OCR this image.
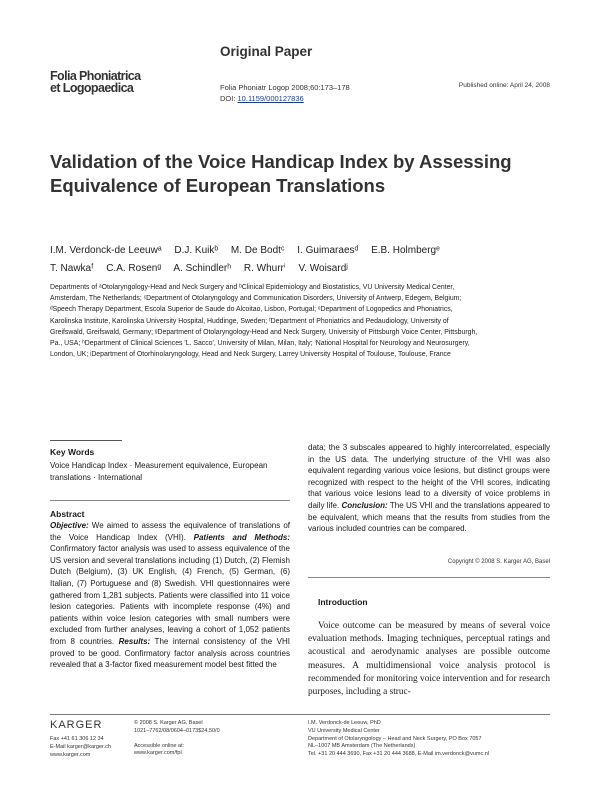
Original Paper
Folia Phoniatrica
et Logopaedica	Folia Phoniatr Logop 2008;60:173–178
DOI: 10.1159/000127836
Published online: April 24, 2008
Validation of the Voice Handicap Index by Assessing Equivalence of European Translations
I.M. Verdonck-de Leeuwᵃ D.J. Kuikᵇ M. De Bodtᶜ I. Guimaraesᵈ E.B. Holmbergᵉ
T. Nawkaᶠ C.A. Rosenᵍ A. Schindlerʰ R. Whurrⁱ V. Woisardʲ
Departments of ᵃOtolaryngology-Head and Neck Surgery and ᵇClinical Epidemiology and Biostatistics, VU University Medical Center, Amsterdam, The Netherlands; ᶜDepartment of Otolaryngology and Communication Disorders, University of Antwerp, Edegem, Belgium; ᵈSpeech Therapy Department, Escola Superior de Saude do Alcoitao, Lisbon, Portugal; ᵉDepartment of Logopedics and Phoniatrics, Karolinska Institute, Karolinska University Hospital, Huddinge, Sweden; ᶠDepartment of Phoniatrics and Pedaudiology, University of Greifswald, Greifswald, Germany; ᵍDepartment of Otolaryngology-Head and Neck Surgery, University of Pittsburgh Voice Center, Pittsburgh, Pa., USA; ʰDepartment of Clinical Sciences 'L. Sacco', University of Milan, Milan, Italy; ⁱNational Hospital for Neurology and Neurosurgery, London, UK; ʲDepartment of Otorhinolaryngology, Head and Neck Surgery, Larrey University Hospital of Toulouse, Toulouse, France
Key Words
Voice Handicap Index · Measurement equivalence, European translations · International
Abstract
Objective: We aimed to assess the equivalence of translations of the Voice Handicap Index (VHI). Patients and Methods: Confirmatory factor analysis was used to assess equivalence of the US version and several translations including (1) Dutch, (2) Flemish Dutch (Belgium), (3) UK English, (4) French, (5) German, (6) Italian, (7) Portuguese and (8) Swedish. VHI questionnaires were gathered from 1,281 subjects. Patients were classified into 11 voice lesion categories. Patients with incomplete response (4%) and patients within voice lesion categories with small numbers were excluded from further analyses, leaving a cohort of 1,052 patients from 8 countries. Results: The internal consistency of the VHI proved to be good. Confirmatory factor analysis across countries revealed that a 3-factor fixed measurement model best fitted the
data; the 3 subscales appeared to highly intercorrelated, especially in the US data. The underlying structure of the VHI was also equivalent regarding various voice lesions, but distinct groups were recognized with respect to the height of the VHI scores, indicating that various voice lesions lead to a diversity of voice problems in daily life. Conclusion: The US VHI and the translations appeared to be equivalent, which means that the results from studies from the various included countries can be compared.
Copyright © 2008 S. Karger AG, Basel
Introduction
Voice outcome can be measured by means of several voice evaluation methods. Imaging techniques, perceptual ratings and acoustical and aerodynamic analyses are possible outcome measures. A multidimensional voice analysis protocol is recommended for monitoring voice intervention and for research purposes, including a struc-
KARGER
Fax +41 61 306 12 34
E-Mail karger@karger.ch
www.karger.com
© 2008 S. Karger AG, Basel
1021–7762/08/0604–0173$24.50/0
Accessible online at:
www.karger.com/fpl
I.M. Verdonck-de Leeuw, PhD
VU University Medical Center
Department of Otolaryngology – Head and Neck Surgery, PO Box 7057
NL–1007 MB Amsterdam (The Netherlands)
Tel. +31 20 444 3690, Fax +31 20 444 3688, E-Mail im.verdonck@vumc.nl
